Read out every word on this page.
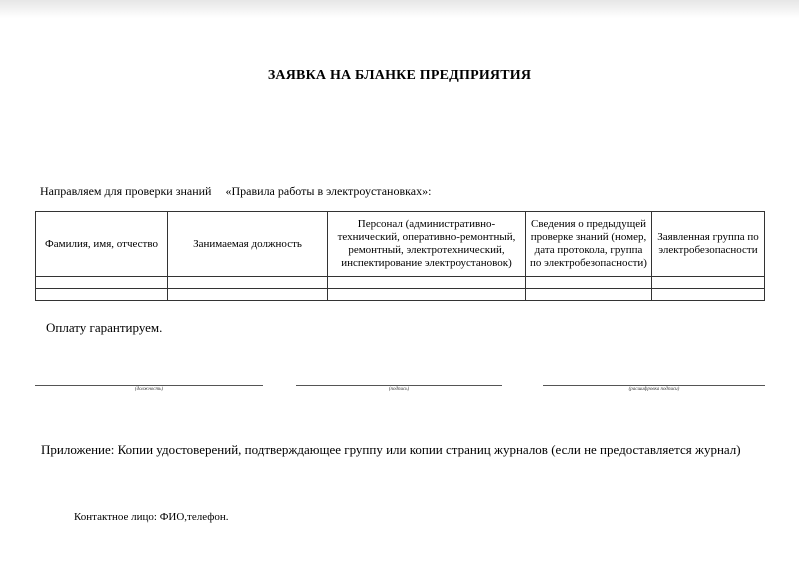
ЗАЯВКА НА БЛАНКЕ ПРЕДПРИЯТИЯ
Направляем для проверки знаний «Правила работы в электроустановках»:
Фамилия, имя, отчество	Занимаемая должность	Персонал (административно-технический, оперативно-ремонтный, ремонтный, электротехнический, инспектирование электроустановок)	Сведения о предыдущей проверке знаний (номер, дата протокола, группа по электробезопасности)	Заявленная группа по электробезопасности

Оплату гарантируем.
(должность)	(подпись)	(расшифровка подписи)
Приложение: Копии удостоверений, подтверждающее группу или копии страниц журналов (если не предоставляется журнал)
Контактное лицо: ФИО,телефон.
